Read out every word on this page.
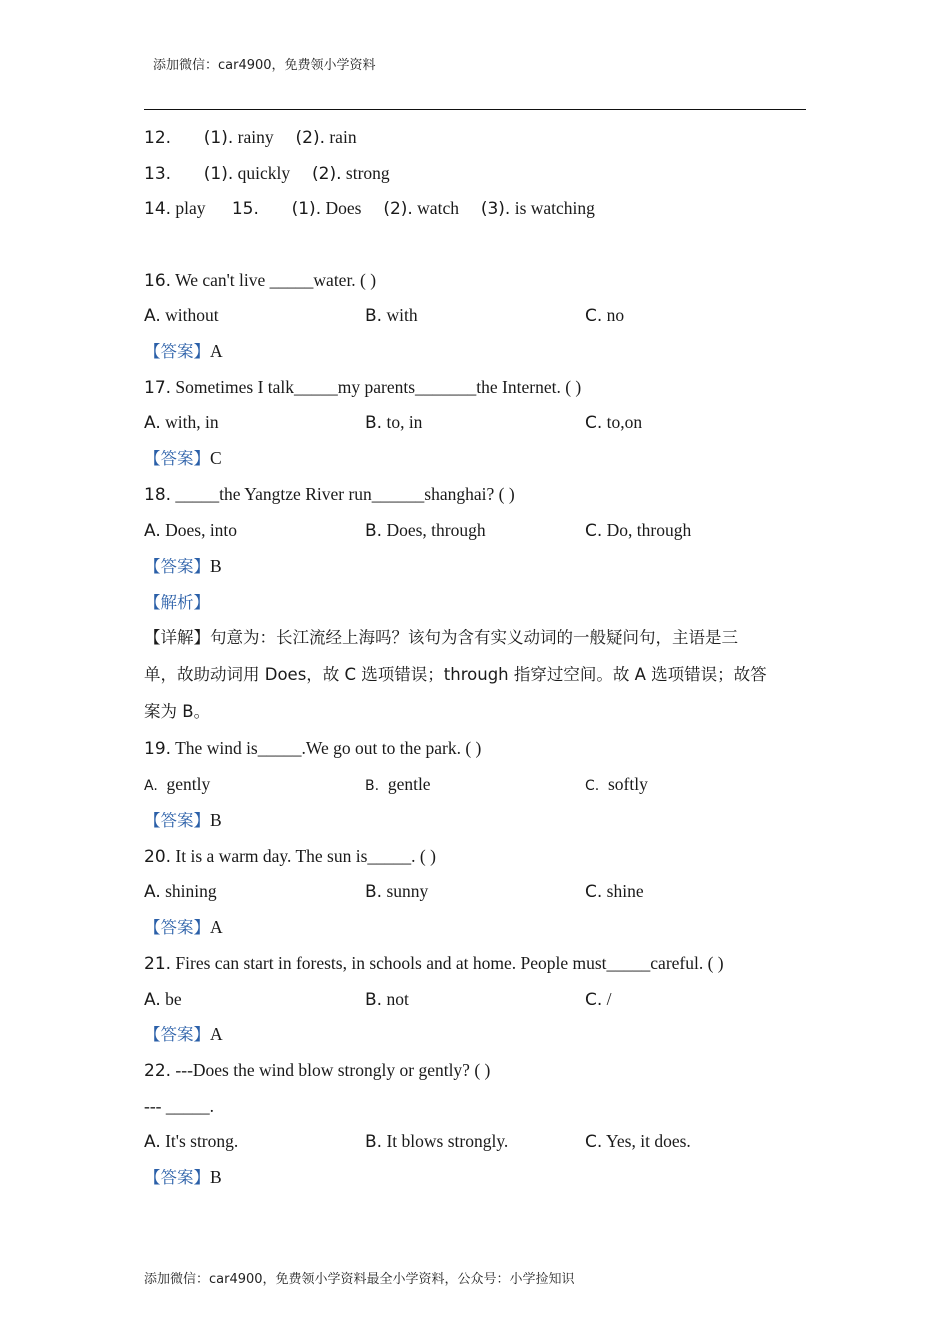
添加微信：car4900，免费领小学资料
12. (1). rainy (2). rain
13. (1). quickly (2). strong
14. play 15. (1). Does (2). watch (3). is watching
16. We can't live _____water. ( )
A. without	B. with	C. no
【答案】A
17. Sometimes I talk_____my parents_______the Internet. ( )
A. with, in	B. to, in	C. to,on
【答案】C
18. _____the Yangtze River run______shanghai? ( )
A. Does, into	B. Does, through	C. Do, through
【答案】B
【解析】
【详解】句意为：长江流经上海吗？该句为含有实义动词的一般疑问句，主语是三
单，故助动词用 Does，故 C 选项错误；through 指穿过空间。故 A 选项错误；故答
案为 B。
19. The wind is_____.We go out to the park. ( )
A. gently	B. gentle	C. softly
【答案】B
20. It is a warm day. The sun is_____. ( )
A. shining	B. sunny	C. shine
【答案】A
21. Fires can start in forests, in schools and at home. People must_____careful. ( )
A. be	B. not	C. /
【答案】A
22. ---Does the wind blow strongly or gently? ( )
--- _____.
A. It's strong.	B. It blows strongly.	C. Yes, it does.
【答案】B
添加微信：car4900，免费领小学资料最全小学资料，公众号：小学捡知识
